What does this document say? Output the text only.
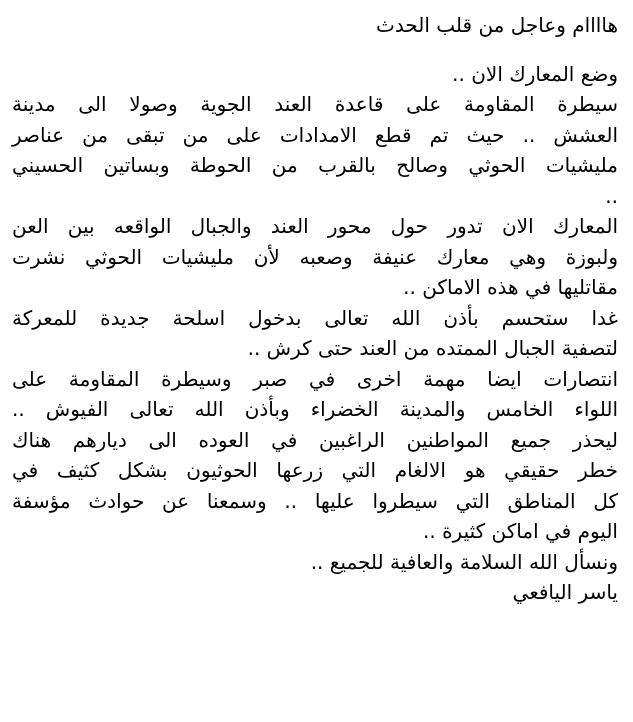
هاااام وعاجل من قلب الحدث
وضع المعارك الان ..
سيطرة المقاومة على قاعدة العند الجوية وصولا الى مدينة
العشش .. حيث تم قطع الامدادات على من تبقى من عناصر
مليشيات الحوثي وصالح بالقرب من الحوطة وبساتين الحسيني
..
المعارك الان تدور حول محور العند والجبال الواقعه بين العن
ولبوزة وهي معارك عنيفة وصعبه لأن مليشيات الحوثي نشرت
مقاتليها في هذه الاماكن ..
غدا ستحسم بأذن الله تعالى بدخول اسلحة جديدة للمعركة
لتصفية الجبال الممتده من العند حتى كرش ..
انتصارات ايضا مهمة اخرى في صبر وسيطرة المقاومة على
اللواء الخامس والمدينة الخضراء وبأذن الله تعالى الفيوش ..
ليحذر جميع المواطنين الراغبين في العوده الى ديارهم هناك
خطر حقيقي هو الالغام التي زرعها الحوثيون بشكل كثيف في
كل المناطق التي سيطروا عليها .. وسمعنا عن حوادث مؤسفة
اليوم في اماكن كثيرة ..
ونسأل الله السلامة والعافية للجميع ..
ياسر اليافعي
